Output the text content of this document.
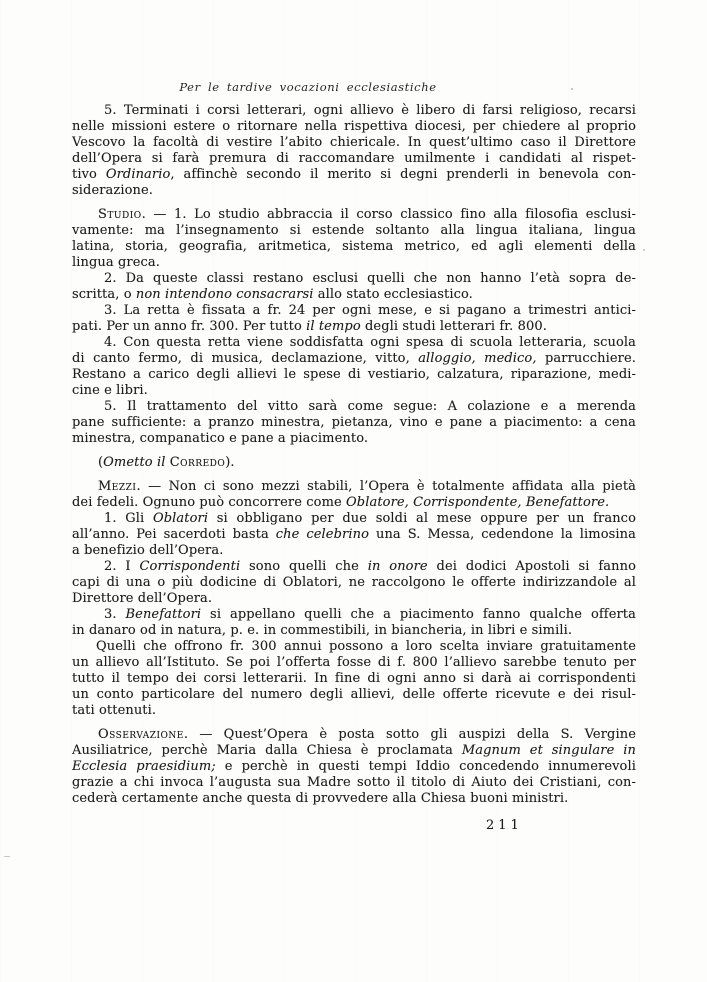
Per le tardive vocazioni ecclesiastiche
5. Terminati i corsi letterari, ogni allievo è libero di farsi religioso, recarsi
nelle missioni estere o ritornare nella rispettiva diocesi, per chiedere al proprio
Vescovo la facoltà di vestire l’abito chiericale. In quest’ultimo caso il Direttore
dell’Opera si farà premura di raccomandare umilmente i candidati al rispet-
tivo Ordinario, affinchè secondo il merito si degni prenderli in benevola con-
siderazione.
Studio. — 1. Lo studio abbraccia il corso classico fino alla filosofia esclusi-
vamente: ma l’insegnamento si estende soltanto alla lingua italiana, lingua
latina, storia, geografia, aritmetica, sistema metrico, ed agli elementi della
lingua greca.
2. Da queste classi restano esclusi quelli che non hanno l’età sopra de-
scritta, o non intendono consacrarsi allo stato ecclesiastico.
3. La retta è fissata a fr. 24 per ogni mese, e si pagano a trimestri antici-
pati. Per un anno fr. 300. Per tutto il tempo degli studi letterari fr. 800.
4. Con questa retta viene soddisfatta ogni spesa di scuola letteraria, scuola
di canto fermo, di musica, declamazione, vitto, alloggio, medico, parrucchiere.
Restano a carico degli allievi le spese di vestiario, calzatura, riparazione, medi-
cine e libri.
5. Il trattamento del vitto sarà come segue: A colazione e a merenda
pane sufficiente: a pranzo minestra, pietanza, vino e pane a piacimento: a cena
minestra, companatico e pane a piacimento.
(Ometto il Corredo).
Mezzi. — Non ci sono mezzi stabili, l’Opera è totalmente affidata alla pietà
dei fedeli. Ognuno può concorrere come Oblatore, Corrispondente, Benefattore.
1. Gli Oblatori si obbligano per due soldi al mese oppure per un franco
all’anno. Pei sacerdoti basta che celebrino una S. Messa, cedendone la limosina
a benefizio dell’Opera.
2. I Corrispondenti sono quelli che in onore dei dodici Apostoli si fanno
capi di una o più dodicine di Oblatori, ne raccolgono le offerte indirizzandole al
Direttore dell’Opera.
3. Benefattori si appellano quelli che a piacimento fanno qualche offerta
in danaro od in natura, p. e. in commestibili, in biancheria, in libri e simili.
Quelli che offrono fr. 300 annui possono a loro scelta inviare gratuitamente
un allievo all’Istituto. Se poi l’offerta fosse di f. 800 l’allievo sarebbe tenuto per
tutto il tempo dei corsi letterarii. In fine di ogni anno si darà ai corrispondenti
un conto particolare del numero degli allievi, delle offerte ricevute e dei risul-
tati ottenuti.
Osservazione. — Quest’Opera è posta sotto gli auspizi della S. Vergine
Ausiliatrice, perchè Maria dalla Chiesa è proclamata Magnum et singulare in
Ecclesia praesidium; e perchè in questi tempi Iddio concedendo innumerevoli
grazie a chi invoca l’augusta sua Madre sotto il titolo di Aiuto dei Cristiani, con-
cederà certamente anche questa di provvedere alla Chiesa buoni ministri.
211
